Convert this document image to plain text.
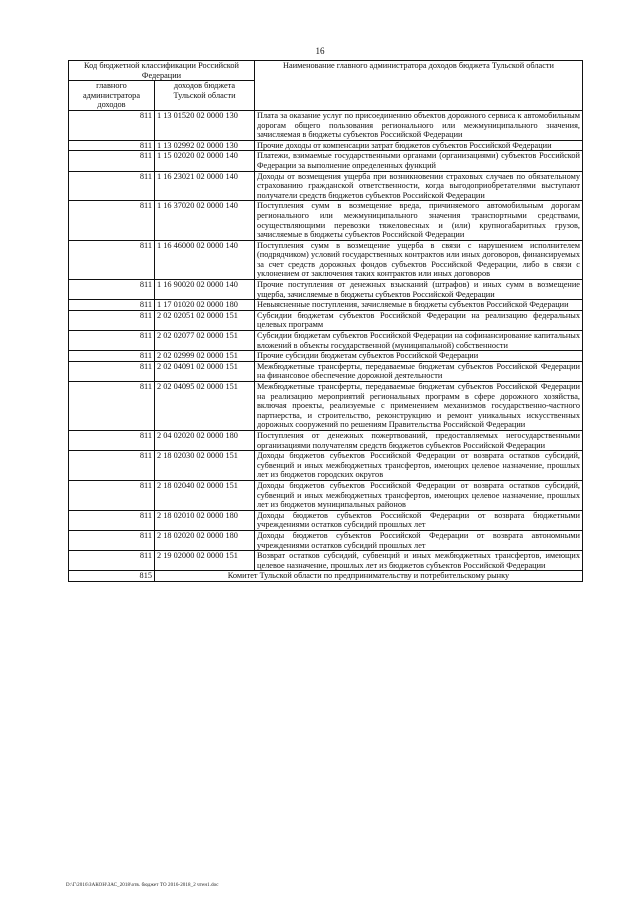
16
Код бюджетной классификации Российской Федерации		Наименование главного администратора доходов бюджета Тульской области
главного администратора доходов	доходов бюджета Тульской области	
811	1 13 01520 02 0000 130	Плата за оказание услуг по присоединению объектов дорожного сервиса к автомобильным дорогам общего пользования регионального или межмуниципального значения, зачисляемая в бюджеты субъектов Российской Федерации
811	1 13 02992 02 0000 130	Прочие доходы от компенсации затрат бюджетов субъектов Российской Федерации
811	1 15 02020 02 0000 140	Платежи, взимаемые государственными органами (организациями) субъектов Российской Федерации за выполнение определенных функций
811	1 16 23021 02 0000 140	Доходы от возмещения ущерба при возникновении страховых случаев по обязательному страхованию гражданской ответственности, когда выгодоприобретателями выступают получатели средств бюджетов субъектов Российской Федерации
811	1 16 37020 02 0000 140	Поступления сумм в возмещение вреда, причиняемого автомобильным дорогам регионального или межмуниципального значения транспортными средствами, осуществляющими перевозки тяжеловесных и (или) крупногабаритных грузов, зачисляемые в бюджеты субъектов Российской Федерации
811	1 16 46000 02 0000 140	Поступления сумм в возмещение ущерба в связи с нарушением исполнителем (подрядчиком) условий государственных контрактов или иных договоров, финансируемых за счет средств дорожных фондов субъектов Российской Федерации, либо в связи с уклонением от заключения таких контрактов или иных договоров
811	1 16 90020 02 0000 140	Прочие поступления от денежных взысканий (штрафов) и иных сумм в возмещение ущерба, зачисляемые в бюджеты субъектов Российской Федерации
811	1 17 01020 02 0000 180	Невыясненные поступления, зачисляемые в бюджеты субъектов Российской Федерации
811	2 02 02051 02 0000 151	Субсидии бюджетам субъектов Российской Федерации на реализацию федеральных целевых программ
811	2 02 02077 02 0000 151	Субсидии бюджетам субъектов Российской Федерации на софинансирование капитальных вложений в объекты государственной (муниципальной) собственности
811	2 02 02999 02 0000 151	Прочие субсидии бюджетам субъектов Российской Федерации
811	2 02 04091 02 0000 151	Межбюджетные трансферты, передаваемые бюджетам субъектов Российской Федерации на финансовое обеспечение дорожной деятельности
811	2 02 04095 02 0000 151	Межбюджетные трансферты, передаваемые бюджетам субъектов Российской Федерации на реализацию мероприятий региональных программ в сфере дорожного хозяйства, включая проекты, реализуемые с применением механизмов государственно-частного партнерства, и строительство, реконструкцию и ремонт уникальных искусственных дорожных сооружений по решениям Правительства Российской Федерации
811	2 04 02020 02 0000 180	Поступления от денежных пожертвований, предоставляемых негосударственными организациями получателям средств бюджетов субъектов Российской Федерации
811	2 18 02030 02 0000 151	Доходы бюджетов субъектов Российской Федерации от возврата остатков субсидий, субвенций и иных межбюджетных трансфертов, имеющих целевое назначение, прошлых лет из бюджетов городских округов
811	2 18 02040 02 0000 151	Доходы бюджетов субъектов Российской Федерации от возврата остатков субсидий, субвенций и иных межбюджетных трансфертов, имеющих целевое назначение, прошлых лет из бюджетов муниципальных районов
811	2 18 02010 02 0000 180	Доходы бюджетов субъектов Российской Федерации от возврата бюджетными учреждениями остатков субсидий прошлых лет
811	2 18 02020 02 0000 180	Доходы бюджетов субъектов Российской Федерации от возврата автономными учреждениями остатков субсидий прошлых лет
811	2 19 02000 02 0000 151	Возврат остатков субсидий, субвенций и иных межбюджетных трансфертов, имеющих целевое назначение, прошлых лет из бюджетов субъектов Российской Федерации
815	Комитет Тульской области по предпринимательству и потребительскому рынку	
D:\Г\2016\ЗАКОН\ЗАС_2018\отв. бюджет ТО 2016-2018_2 чтен1.doc
